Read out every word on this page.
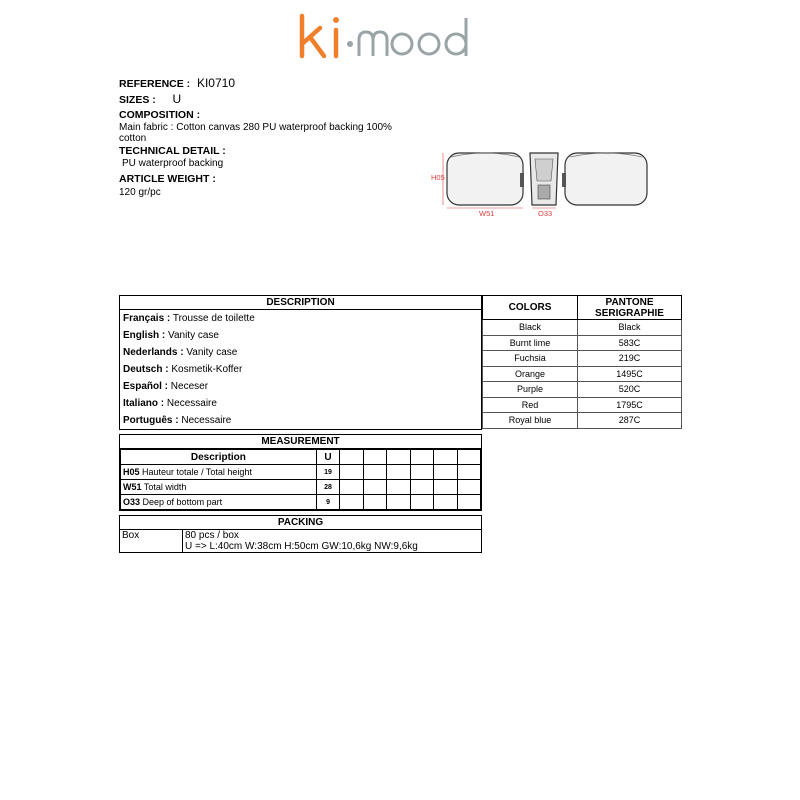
REFERENCE : KI0710
SIZES : U
COMPOSITION :
Main fabric : Cotton canvas 280 PU waterproof backing 100%
cotton
TECHNICAL DETAIL :
PU waterproof backing
ARTICLE WEIGHT :
120 gr/pc
H05
W51	O33
DESCRIPTION
Français : Trousse de toilette
English : Vanity case
Nederlands : Vanity case
Deutsch : Kosmetik-Koffer
Español : Neceser
Italiano : Necessaire
Português : Necessaire
COLORS	PANTONE
SERIGRAPHIE

Black	Black
Burnt lime	583C
Fuchsia	219C
Orange	1495C
Purple	520C
Red	1795C
Royal blue	287C
MEASUREMENT
Description	U						
H05 Hauteur totale / Total height	19						
W51 Total width	28						
O33 Deep of bottom part	9						
PACKING
Box	80 pcs / box
U => L:40cm W:38cm H:50cm GW:10,6kg NW:9,6kg
